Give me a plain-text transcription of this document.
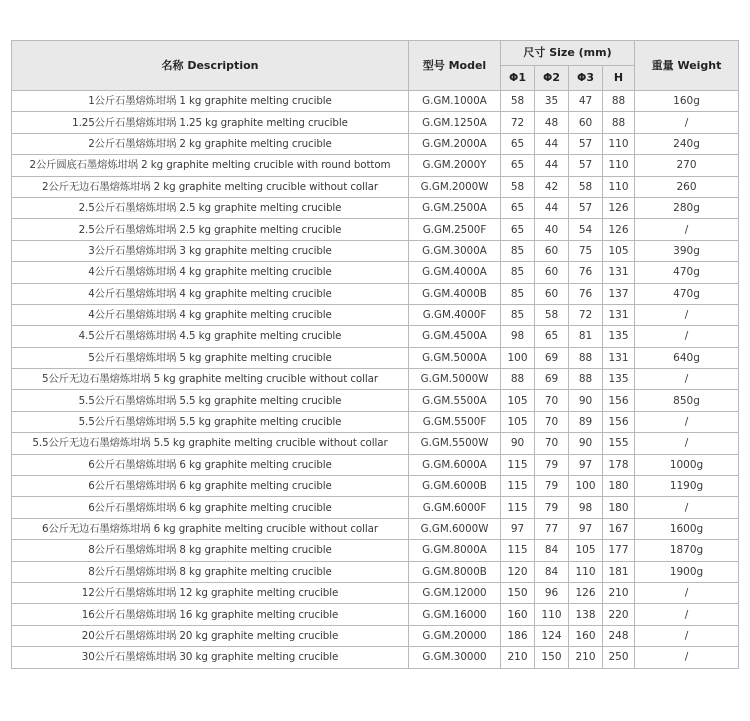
名称 Description	型号 Model	尺寸 Size (mm)				重量 Weight
		Φ1	Φ2	Φ3	H	
1公斤石墨熔炼坩埚 1 kg graphite melting crucible	G.GM.1000A	58	35	47	88	160g
1.25公斤石墨熔炼坩埚 1.25 kg graphite melting crucible	G.GM.1250A	72	48	60	88	/
2公斤石墨熔炼坩埚 2 kg graphite melting crucible	G.GM.2000A	65	44	57	110	240g
2公斤圆底石墨熔炼坩埚 2 kg graphite melting crucible with round bottom	G.GM.2000Y	65	44	57	110	270
2公斤无边石墨熔炼坩埚 2 kg graphite melting crucible without collar	G.GM.2000W	58	42	58	110	260
2.5公斤石墨熔炼坩埚 2.5 kg graphite melting crucible	G.GM.2500A	65	44	57	126	280g
2.5公斤石墨熔炼坩埚 2.5 kg graphite melting crucible	G.GM.2500F	65	40	54	126	/
3公斤石墨熔炼坩埚 3 kg graphite melting crucible	G.GM.3000A	85	60	75	105	390g
4公斤石墨熔炼坩埚 4 kg graphite melting crucible	G.GM.4000A	85	60	76	131	470g
4公斤石墨熔炼坩埚 4 kg graphite melting crucible	G.GM.4000B	85	60	76	137	470g
4公斤石墨熔炼坩埚 4 kg graphite melting crucible	G.GM.4000F	85	58	72	131	/
4.5公斤石墨熔炼坩埚 4.5 kg graphite melting crucible	G.GM.4500A	98	65	81	135	/
5公斤石墨熔炼坩埚 5 kg graphite melting crucible	G.GM.5000A	100	69	88	131	640g
5公斤无边石墨熔炼坩埚 5 kg graphite melting crucible without collar	G.GM.5000W	88	69	88	135	/
5.5公斤石墨熔炼坩埚 5.5 kg graphite melting crucible	G.GM.5500A	105	70	90	156	850g
5.5公斤石墨熔炼坩埚 5.5 kg graphite melting crucible	G.GM.5500F	105	70	89	156	/
5.5公斤无边石墨熔炼坩埚 5.5 kg graphite melting crucible without collar	G.GM.5500W	90	70	90	155	/
6公斤石墨熔炼坩埚 6 kg graphite melting crucible	G.GM.6000A	115	79	97	178	1000g
6公斤石墨熔炼坩埚 6 kg graphite melting crucible	G.GM.6000B	115	79	100	180	1190g
6公斤石墨熔炼坩埚 6 kg graphite melting crucible	G.GM.6000F	115	79	98	180	/
6公斤无边石墨熔炼坩埚 6 kg graphite melting crucible without collar	G.GM.6000W	97	77	97	167	1600g
8公斤石墨熔炼坩埚 8 kg graphite melting crucible	G.GM.8000A	115	84	105	177	1870g
8公斤石墨熔炼坩埚 8 kg graphite melting crucible	G.GM.8000B	120	84	110	181	1900g
12公斤石墨熔炼坩埚 12 kg graphite melting crucible	G.GM.12000	150	96	126	210	/
16公斤石墨熔炼坩埚 16 kg graphite melting crucible	G.GM.16000	160	110	138	220	/
20公斤石墨熔炼坩埚 20 kg graphite melting crucible	G.GM.20000	186	124	160	248	/
30公斤石墨熔炼坩埚 30 kg graphite melting crucible	G.GM.30000	210	150	210	250	/
